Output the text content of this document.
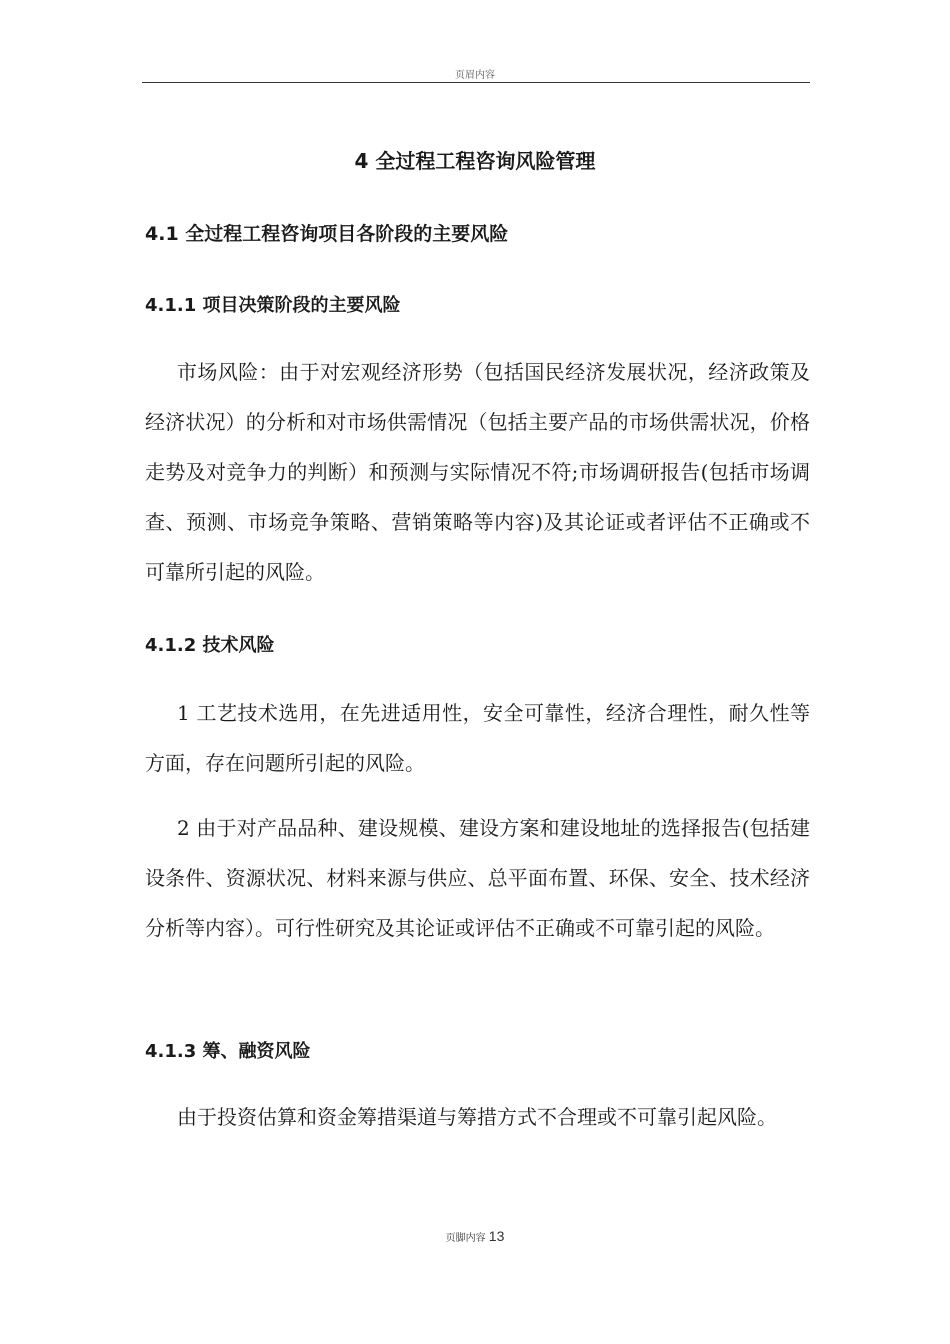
页眉内容
4 全过程工程咨询风险管理
4.1 全过程工程咨询项目各阶段的主要风险
4.1.1 项目决策阶段的主要风险

市场风险：由于对宏观经济形势（包括国民经济发展状况，经济政策及经济状况）的分析和对市场供需情况（包括主要产品的市场供需状况，价格走势及对竞争力的判断）和预测与实际情况不符;市场调研报告(包括市场调查、预测、市场竞争策略、营销策略等内容)及其论证或者评估不正确或不可靠所引起的风险。

4.1.2 技术风险

1 工艺技术选用，在先进适用性，安全可靠性，经济合理性，耐久性等方面，存在问题所引起的风险。

2 由于对产品品种、建设规模、建设方案和建设地址的选择报告(包括建设条件、资源状况、材料来源与供应、总平面布置、环保、安全、技术经济分析等内容）。可行性研究及其论证或评估不正确或不可靠引起的风险。

4.1.3 筹、融资风险

由于投资估算和资金筹措渠道与筹措方式不合理或不可靠引起风险。

页脚内容 13
